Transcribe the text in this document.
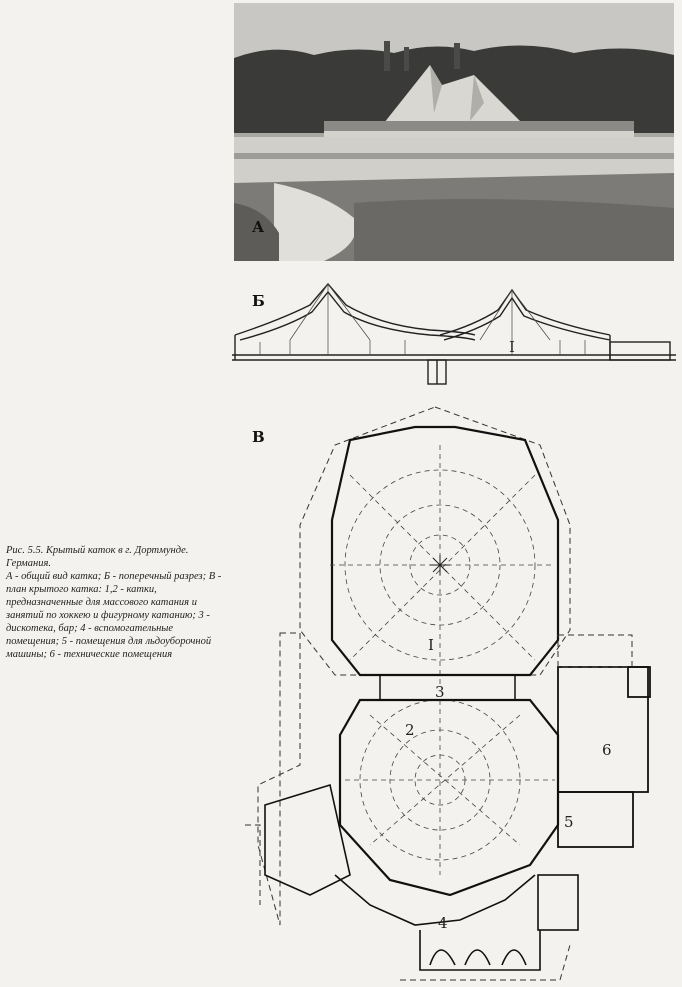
А
Б
I
В
I
3
2
6
5
4

Рис. 5.5. Крытый каток в г. Дортмунде. Германия.

А - общий вид катка; Б - поперечный разрез; В - план крытого катка: 1,2 - катки, предназначенные для массового катания и занятий по хоккею и фигурному катанию; 3 - дискотека, бар; 4 - вспомогательные помещения; 5 - помещения для льдоуборочной машины; 6 - технические помещения
